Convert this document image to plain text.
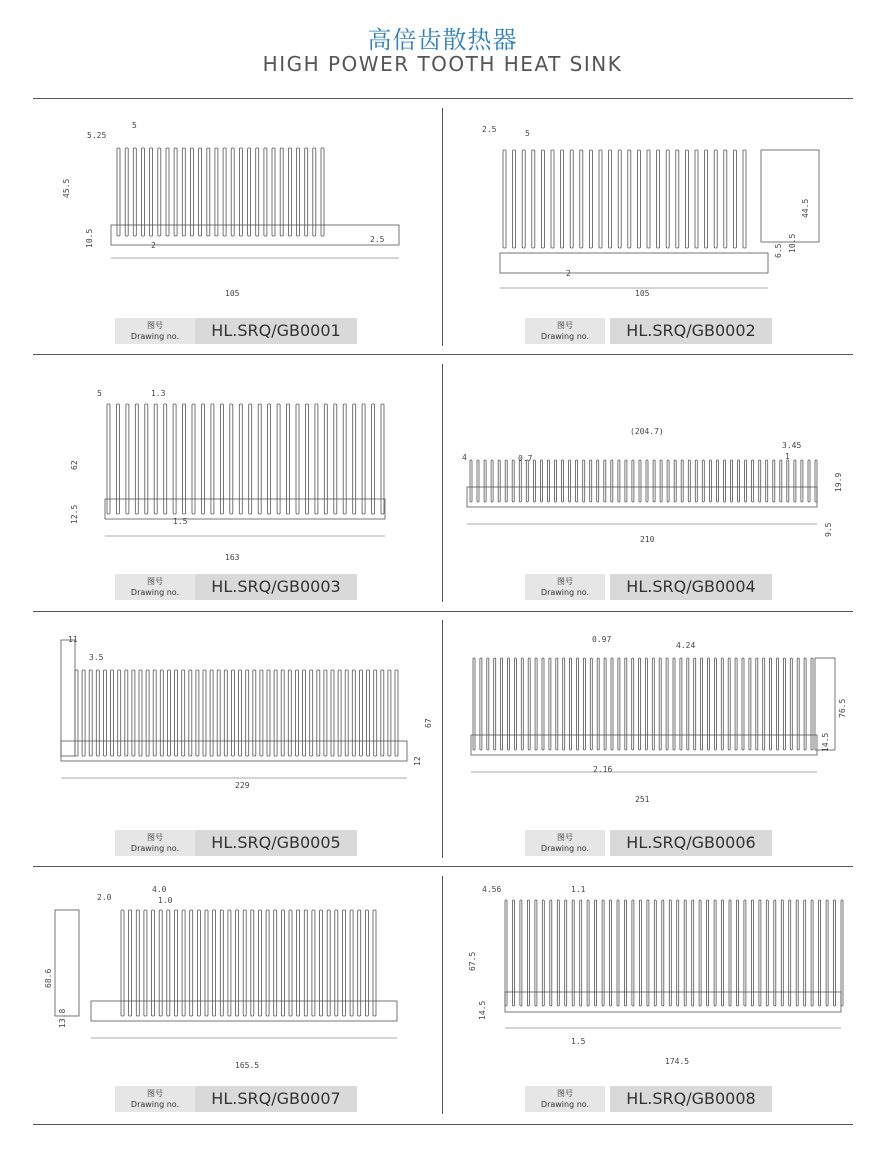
高倍齿散热器
HIGH POWER TOOTH HEAT SINK
5.25
5
45.5
10.5	2
2.5
105
图号
Drawing no.	HL.SRQ/GB0001
2.5	5
44.5
10.5
6.5
2
105
图号
Drawing no.	HL.SRQ/GB0002
5	1.3
62
12.5	1.5
163
图号
Drawing no.	HL.SRQ/GB0003
(204.7)
4	0.7
3.45
1
19.9
9.5
210
图号
Drawing no.	HL.SRQ/GB0004
11
3.5
67
12
229
图号
Drawing no.	HL.SRQ/GB0005
0.97
4.24
76.5
14.5
2.16
251
图号
Drawing no.	HL.SRQ/GB0006
2.0
4.0
1.0
68.6
13.8
165.5
图号
Drawing no.	HL.SRQ/GB0007
4.56	1.1
67.5
14.5
1.5
174.5
图号
Drawing no.	HL.SRQ/GB0008
